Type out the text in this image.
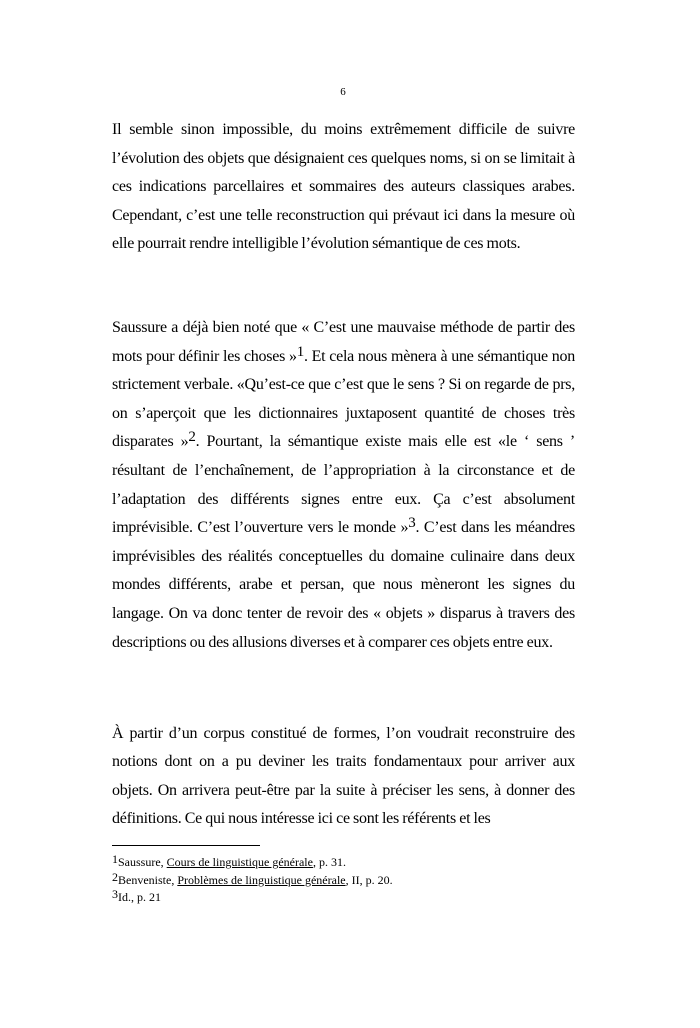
6

Il semble sinon impossible, du moins extrêmement difficile de suivre l’évolution des objets que désignaient ces quelques noms, si on se limitait à ces indications parcellaires et sommaires des auteurs classiques arabes. Cependant, c’est une telle reconstruction qui prévaut ici dans la mesure où elle pourrait rendre intelligible l’évolution sémantique de ces mots.

Saussure a déjà bien noté que « C’est une mauvaise méthode de partir des mots pour définir les choses »$^1$. Et cela nous mènera à une sémantique non strictement verbale. «Qu’est-ce que c’est que le sens ? Si on regarde de prs, on s’aperçoit que les dictionnaires juxtaposent quantité de choses très disparates »$^2$. Pourtant, la sémantique existe mais elle est «le ‘ sens ’ résultant de l’enchaînement, de l’appropriation à la circonstance et de l’adaptation des différents signes entre eux. Ça c’est absolument imprévisible. C’est l’ouverture vers le monde »$^3$. C’est dans les méandres imprévisibles des réalités conceptuelles du domaine culinaire dans deux mondes différents, arabe et persan, que nous mèneront les signes du langage. On va donc tenter de revoir des « objets » disparus à travers des descriptions ou des allusions diverses et à comparer ces objets entre eux.

À partir d’un corpus constitué de formes, l’on voudrait reconstruire des notions dont on a pu deviner les traits fondamentaux pour arriver aux objets. On arrivera peut-être par la suite à préciser les sens, à donner des définitions. Ce qui nous intéresse ici ce sont les référents et les

$^1$Saussure, Cours de linguistique générale, p. 31.
$^2$Benveniste, Problèmes de linguistique générale, II, p. 20.
$^3$Id., p. 21
